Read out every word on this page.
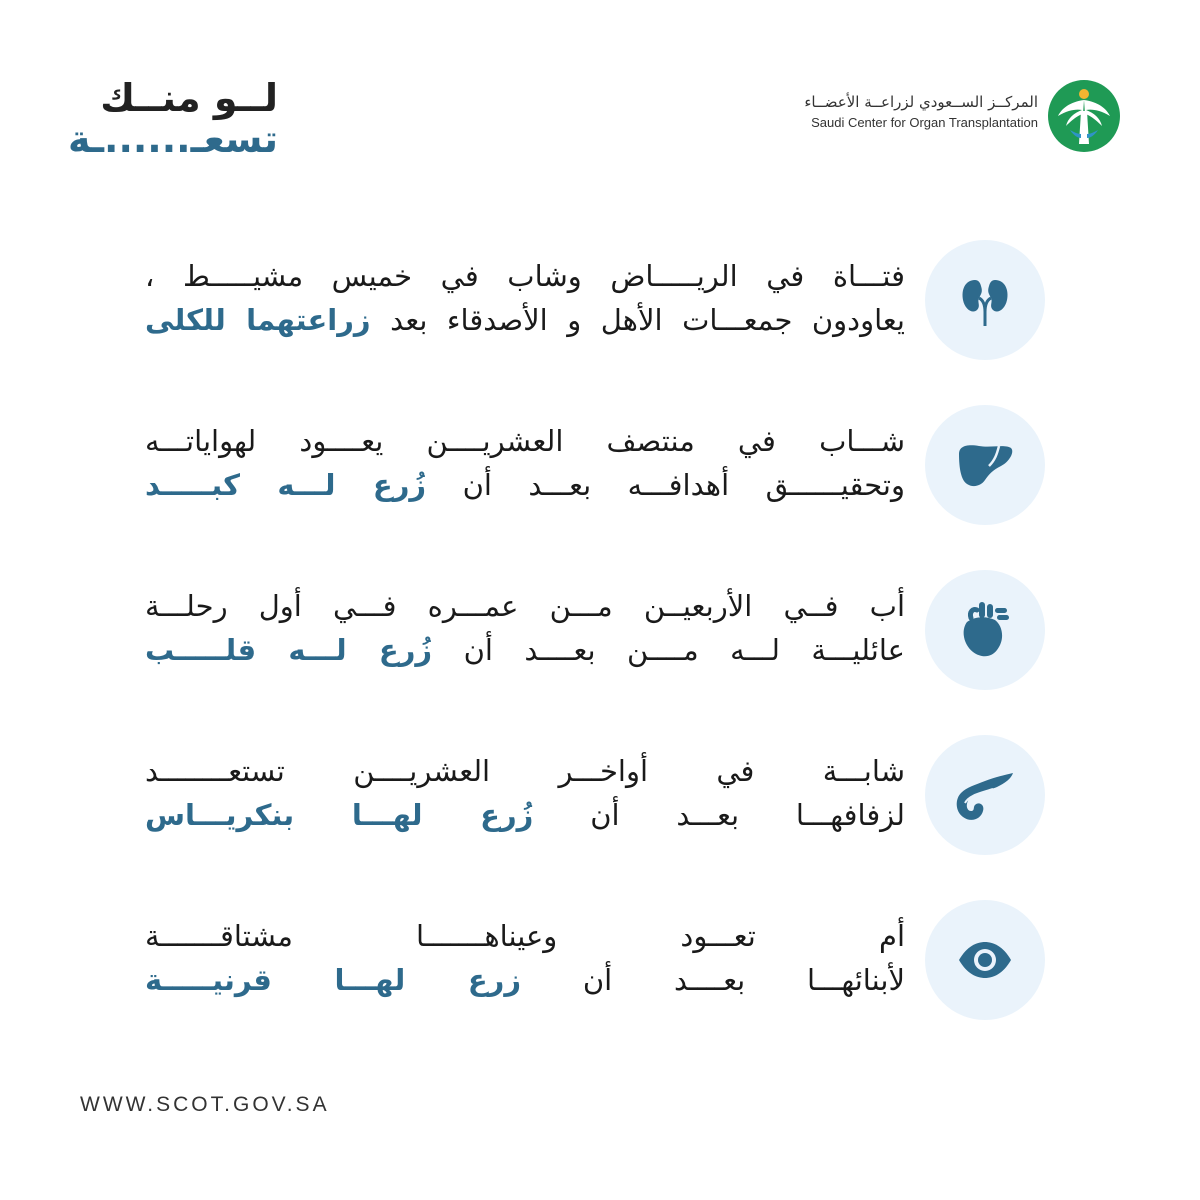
لــو منــك
تسعـ......ـة
المركــز الســعودي لزراعــة الأعضــاء
Saudi Center for Organ Transplantation
فتـــاة في الريـــــاض وشاب في خميس مشيـــــط ،
يعاودون جمعـــات الأهل و الأصدقاء بعد زراعتهما للكلى
شـــاب في منتصف العشريــــن يعــــود لهواياتـــه
وتحقيــــــق أهدافـــه بعـــد أن زُرع لـــه كبـــــد
أب فــي الأربعيــن مـــن عمـــره فـــي أول رحلـــة
عائليـــة لـــه مــــن بعــــد أن زُرع لـــه قلـــــب
شابـــة في أواخـــر العشريــــن تستعــــــــد
لزفافهـــا بعـــد أن زُرع لهـــا بنكريـــاس
أم تعـــود وعيناهـــــــا مشتاقـــــــة
لأبنائهـــا بعــــد أن زرع لهـــا قرنيـــــة
WWW.SCOT.GOV.SA
